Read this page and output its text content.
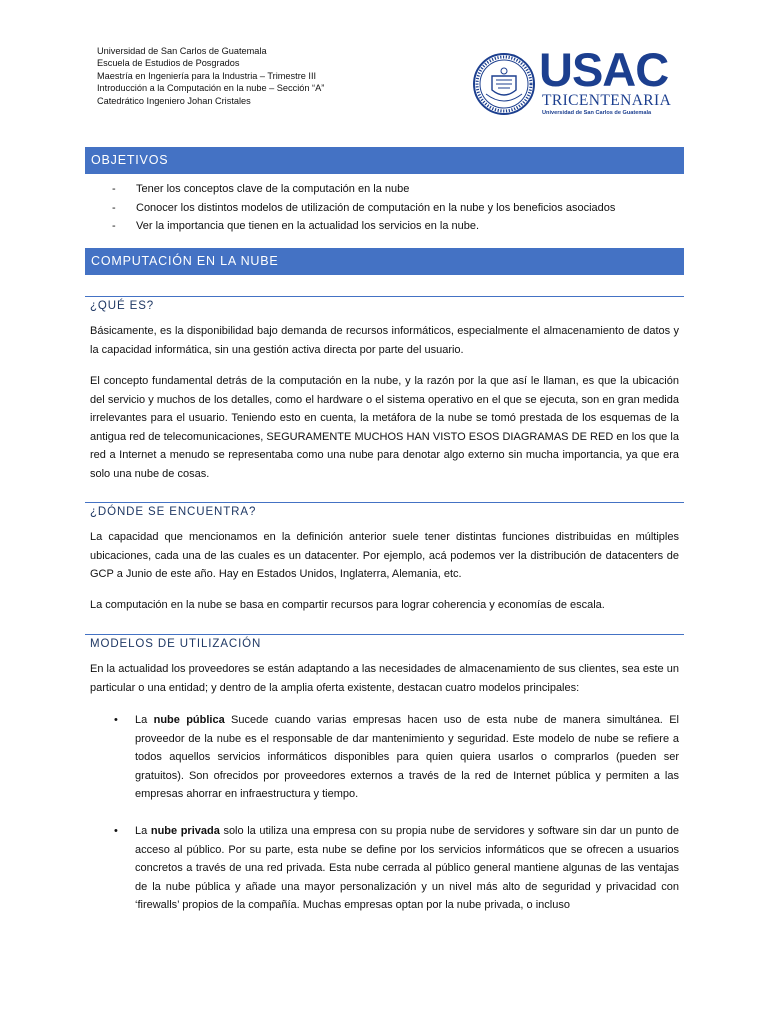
Universidad de San Carlos de Guatemala
Escuela de Estudios de Posgrados
Maestría en Ingeniería para la Industria – Trimestre III
Introducción a la Computación en la nube – Sección “A”
Catedrático Ingeniero Johan Cristales
USAC
TRICENTENARIA
Universidad de San Carlos de Guatemala
OBJETIVOS
- Tener los conceptos clave de la computación en la nube
- Conocer los distintos modelos de utilización de computación en la nube y los beneficios asociados
- Ver la importancia que tienen en la actualidad los servicios en la nube.
COMPUTACIÓN EN LA NUBE
¿QUÉ ES?
Básicamente, es la disponibilidad bajo demanda de recursos informáticos, especialmente el almacenamiento de datos y la capacidad informática, sin una gestión activa directa por parte del usuario.
El concepto fundamental detrás de la computación en la nube, y la razón por la que así le llaman, es que la ubicación del servicio y muchos de los detalles, como el hardware o el sistema operativo en el que se ejecuta, son en gran medida irrelevantes para el usuario. Teniendo esto en cuenta, la metáfora de la nube se tomó prestada de los esquemas de la antigua red de telecomunicaciones, SEGURAMENTE MUCHOS HAN VISTO ESOS DIAGRAMAS DE RED en los que la red a Internet a menudo se representaba como una nube para denotar algo externo sin mucha importancia, ya que era solo una nube de cosas.
¿DÓNDE SE ENCUENTRA?
La capacidad que mencionamos en la definición anterior suele tener distintas funciones distribuidas en múltiples ubicaciones, cada una de las cuales es un datacenter. Por ejemplo, acá podemos ver la distribución de datacenters de GCP a Junio de este año. Hay en Estados Unidos, Inglaterra, Alemania, etc.
La computación en la nube se basa en compartir recursos para lograr coherencia y economías de escala.
MODELOS DE UTILIZACIÓN
En la actualidad los proveedores se están adaptando a las necesidades de almacenamiento de sus clientes, sea este un particular o una entidad; y dentro de la amplia oferta existente, destacan cuatro modelos principales:
• La nube pública Sucede cuando varias empresas hacen uso de esta nube de manera simultánea. El proveedor de la nube es el responsable de dar mantenimiento y seguridad. Este modelo de nube se refiere a todos aquellos servicios informáticos disponibles para quien quiera usarlos o comprarlos (pueden ser gratuitos). Son ofrecidos por proveedores externos a través de la red de Internet pública y permiten a las empresas ahorrar en infraestructura y tiempo.
• La nube privada solo la utiliza una empresa con su propia nube de servidores y software sin dar un punto de acceso al público. Por su parte, esta nube se define por los servicios informáticos que se ofrecen a usuarios concretos a través de una red privada. Esta nube cerrada al público general mantiene algunas de las ventajas de la nube pública y añade una mayor personalización y un nivel más alto de seguridad y privacidad con ‘firewalls’ propios de la compañía. Muchas empresas optan por la nube privada, o incluso
